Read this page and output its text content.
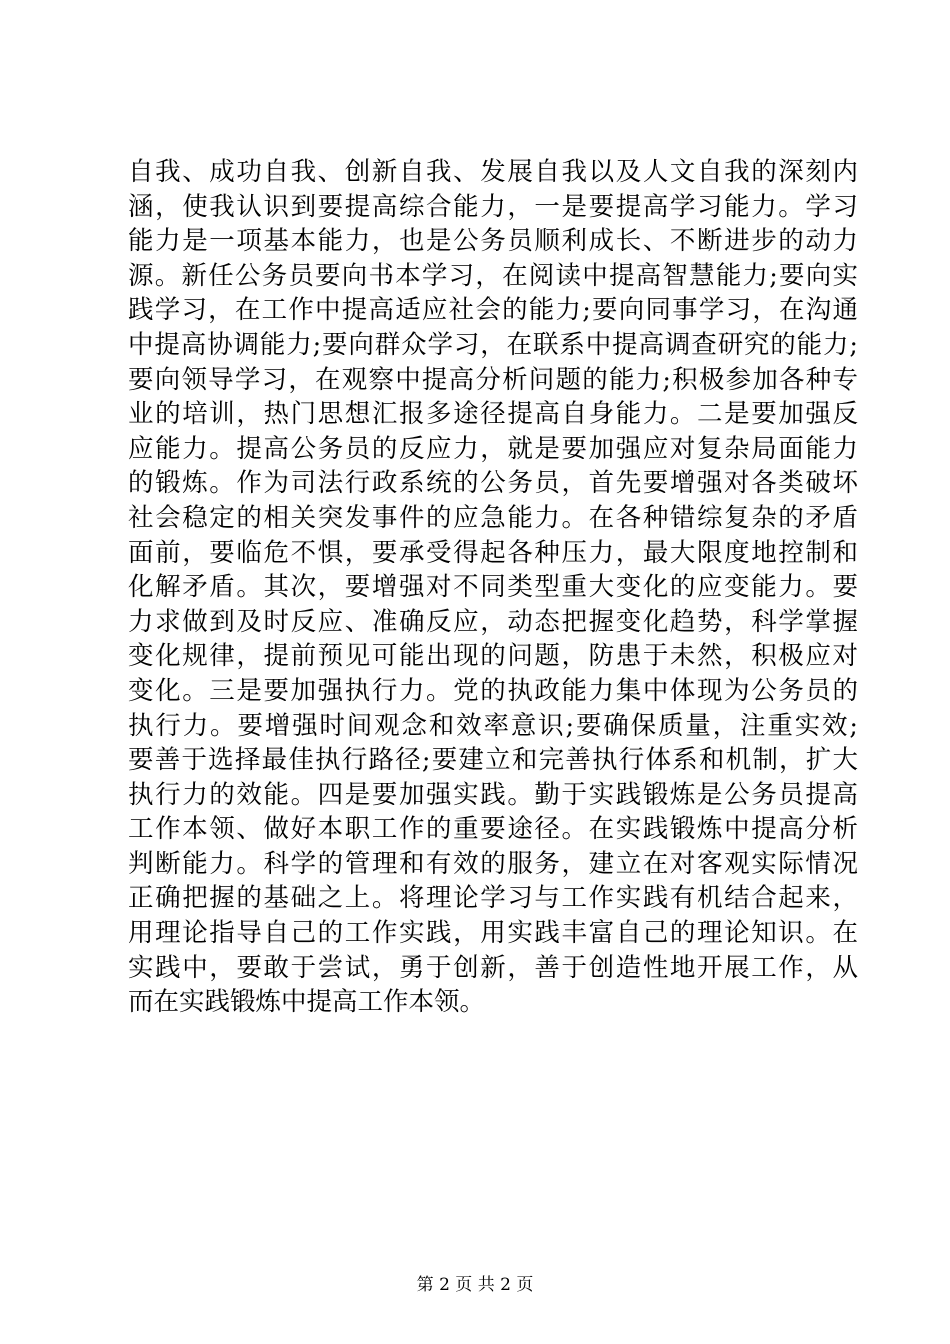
自我、成功自我、创新自我、发展自我以及人文自我的深刻内
涵，使我认识到要提高综合能力，一是要提高学习能力。学习
能力是一项基本能力，也是公务员顺利成长、不断进步的动力
源。新任公务员要向书本学习，在阅读中提高智慧能力;要向实
践学习，在工作中提高适应社会的能力;要向同事学习，在沟通
中提高协调能力;要向群众学习，在联系中提高调查研究的能力;
要向领导学习，在观察中提高分析问题的能力;积极参加各种专
业的培训，热门思想汇报多途径提高自身能力。二是要加强反
应能力。提高公务员的反应力，就是要加强应对复杂局面能力
的锻炼。作为司法行政系统的公务员，首先要增强对各类破坏
社会稳定的相关突发事件的应急能力。在各种错综复杂的矛盾
面前，要临危不惧，要承受得起各种压力，最大限度地控制和
化解矛盾。其次，要增强对不同类型重大变化的应变能力。要
力求做到及时反应、准确反应，动态把握变化趋势，科学掌握
变化规律，提前预见可能出现的问题，防患于未然，积极应对
变化。三是要加强执行力。党的执政能力集中体现为公务员的
执行力。要增强时间观念和效率意识;要确保质量，注重实效;
要善于选择最佳执行路径;要建立和完善执行体系和机制，扩大
执行力的效能。四是要加强实践。勤于实践锻炼是公务员提高
工作本领、做好本职工作的重要途径。在实践锻炼中提高分析
判断能力。科学的管理和有效的服务，建立在对客观实际情况
正确把握的基础之上。将理论学习与工作实践有机结合起来，
用理论指导自己的工作实践，用实践丰富自己的理论知识。在
实践中，要敢于尝试，勇于创新，善于创造性地开展工作，从
而在实践锻炼中提高工作本领。
第 2 页 共 2 页
